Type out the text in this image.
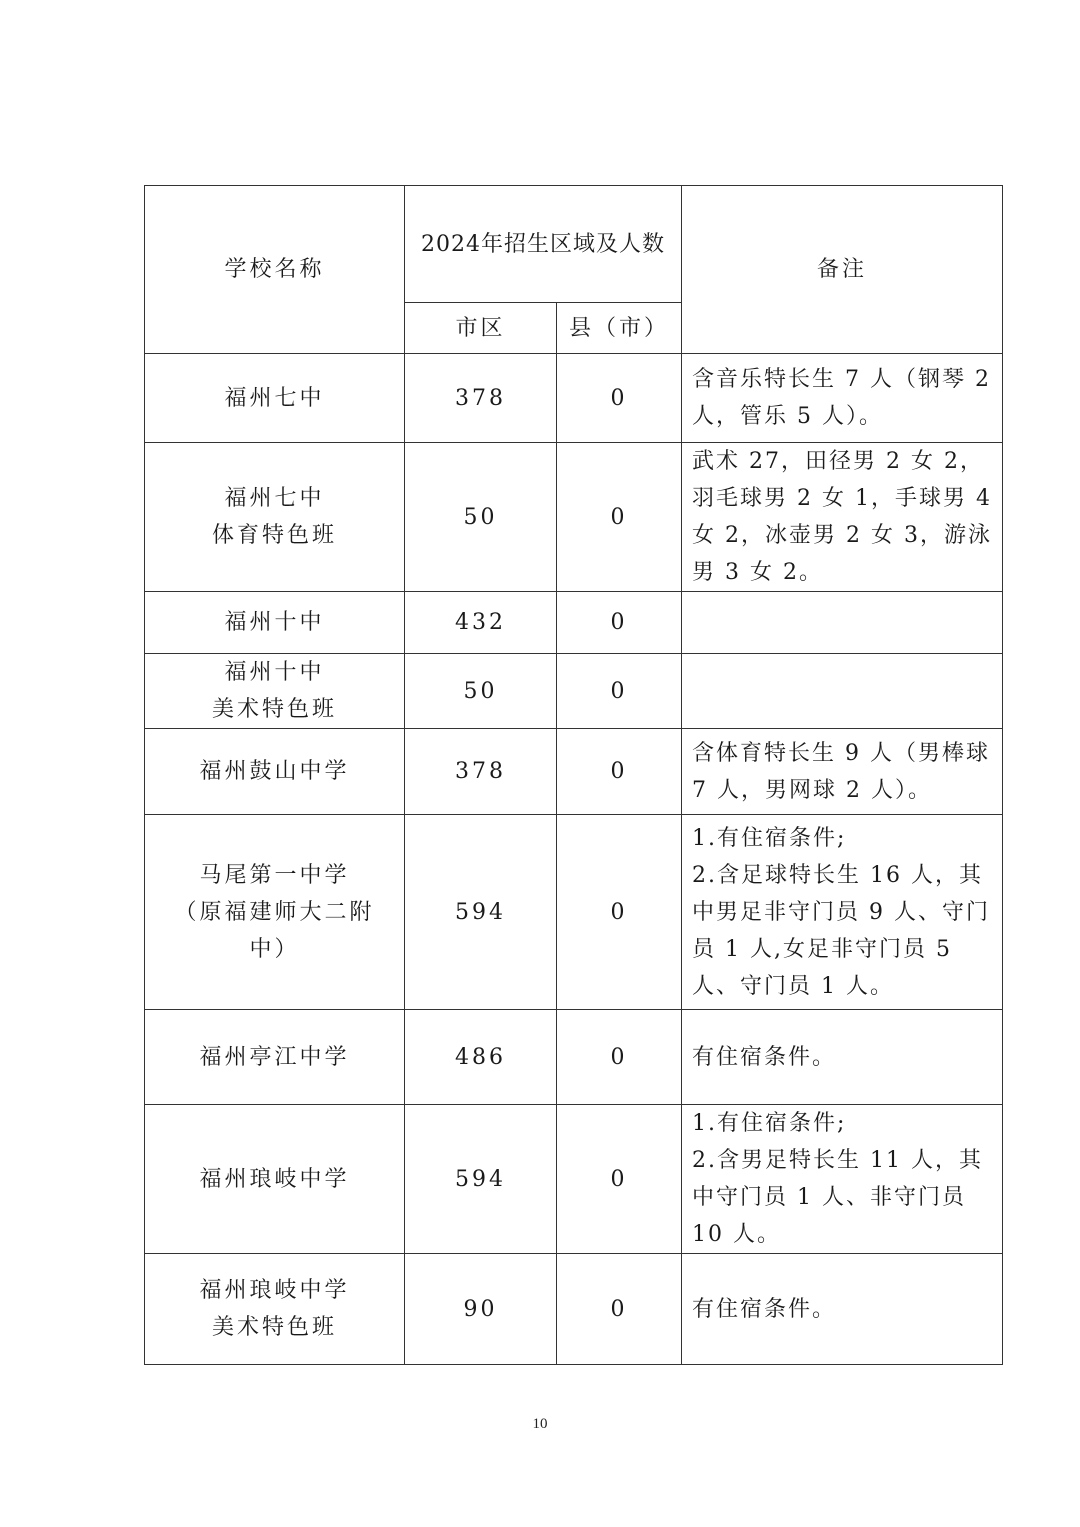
学校名称	2024年招生区域及人数		备注
	市区	县（市）	
福州七中	378	0	含音乐特长生 7 人（钢琴 2 人，管乐 5 人）。
福州七中
体育特色班	50	0	武术 27，田径男 2 女 2，羽毛球男 2 女 1，手球男 4 女 2，冰壶男 2 女 3，游泳男 3 女 2。
福州十中	432	0	
福州十中
美术特色班	50	0	
福州鼓山中学	378	0	含体育特长生 9 人（男棒球 7 人，男网球 2 人）。
马尾第一中学
（原福建师大二附中）	594	0	1.有住宿条件;
2.含足球特长生 16 人，其中男足非守门员 9 人、守门员 1 人,女足非守门员 5 人、守门员 1 人。
福州亭江中学	486	0	有住宿条件。
福州琅岐中学	594	0	1.有住宿条件;
2.含男足特长生 11 人，其中守门员 1 人、非守门员 10 人。
福州琅岐中学
美术特色班	90	0	有住宿条件。
10
